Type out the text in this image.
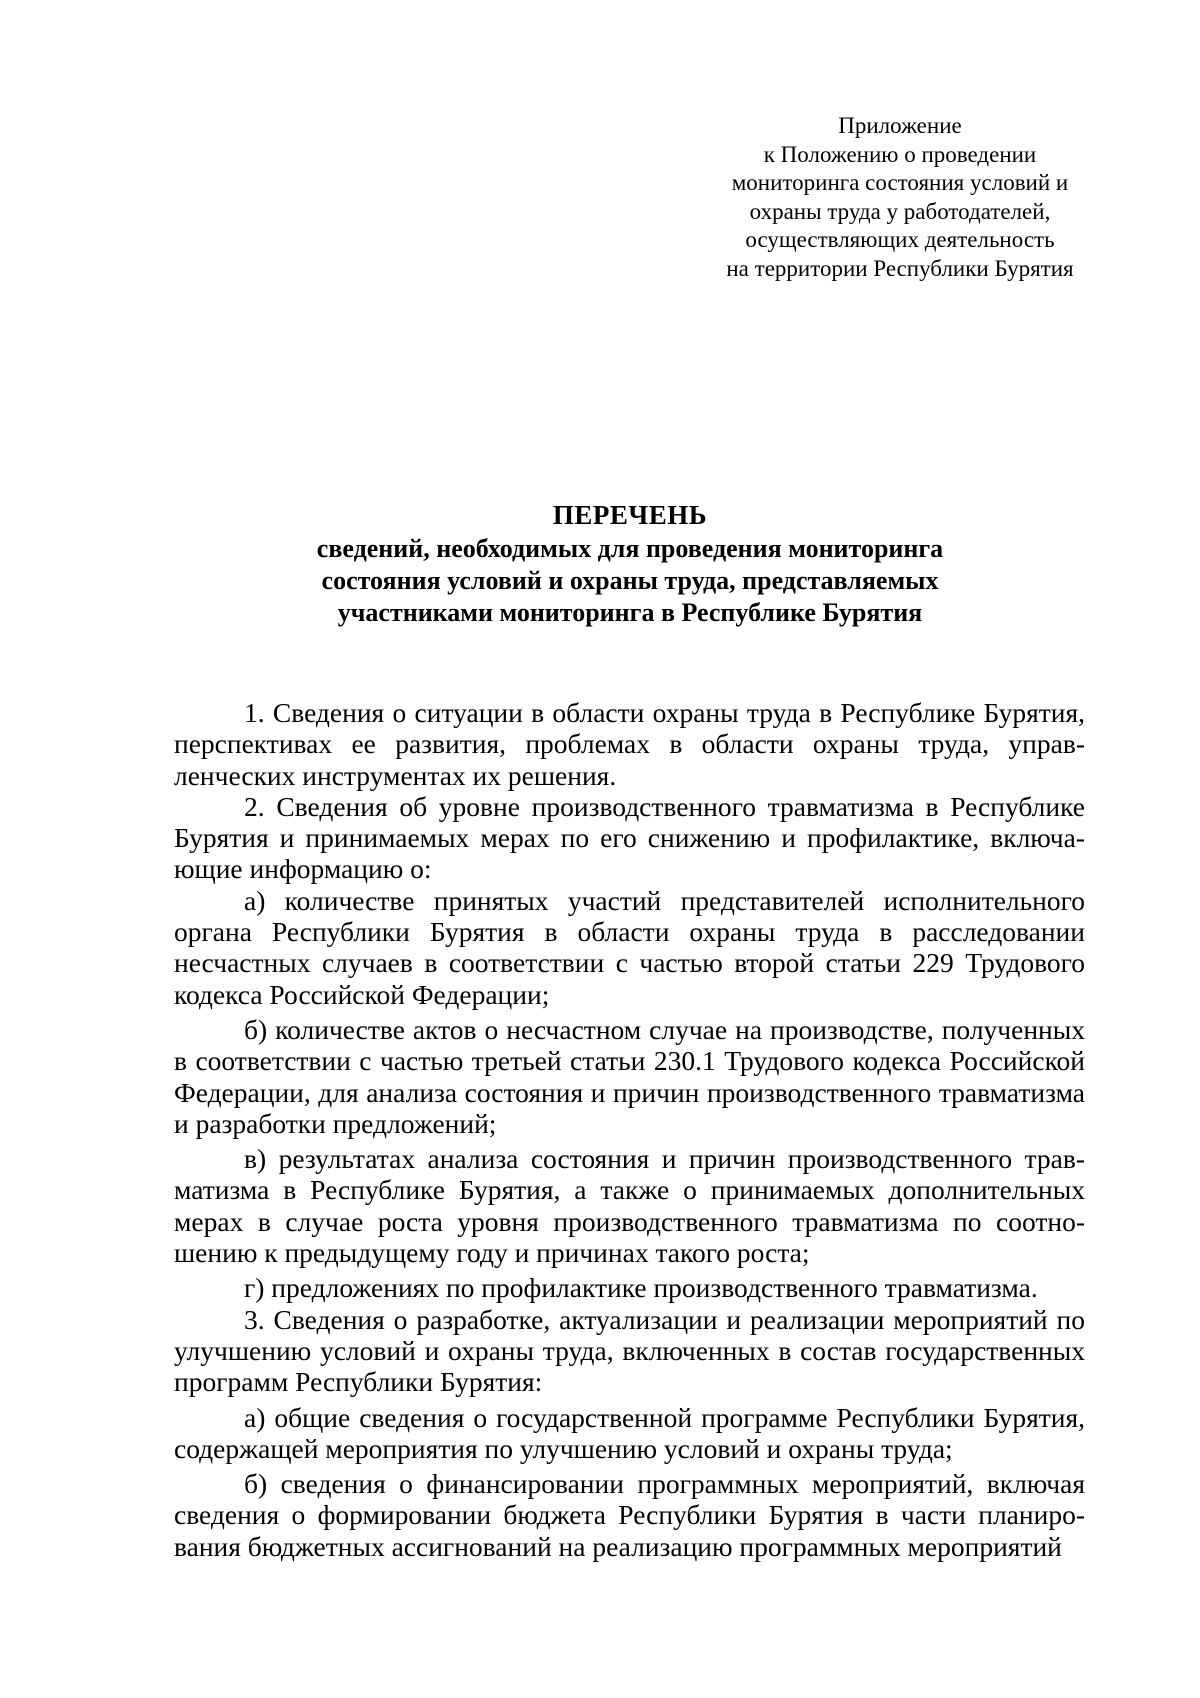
Приложение
к Положению о проведении
мониторинга состояния условий и
охраны труда у работодателей,
осуществляющих деятельность
на территории Республики Бурятия
ПЕРЕЧЕНЬ
сведений, необходимых для проведения мониторинга
состояния условий и охраны труда, представляемых
участниками мониторинга в Республике Бурятия

1. Сведения о ситуации в области охраны труда в Республике Бурятия, перспективах ее развития, проблемах в области охраны труда, управленческих инструментах их решения.

2. Сведения об уровне производственного травматизма в Республике Бурятия и принимаемых мерах по его снижению и профилактике, включающие информацию о:

а) количестве принятых участий представителей исполнительного органа Республики Бурятия в области охраны труда в расследовании несчастных случаев в соответствии с частью второй статьи 229 Трудового кодекса Российской Федерации;

б) количестве актов о несчастном случае на производстве, полученных в соответствии с частью третьей статьи 230.1 Трудового кодекса Российской Федерации, для анализа состояния и причин производственного травматизма и разработки предложений;

в) результатах анализа состояния и причин производственного травматизма в Республике Бурятия, а также о принимаемых дополнительных мерах в случае роста уровня производственного травматизма по соотношению к предыдущему году и причинах такого роста;

г) предложениях по профилактике производственного травматизма.

3. Сведения о разработке, актуализации и реализации мероприятий по улучшению условий и охраны труда, включенных в состав государственных программ Республики Бурятия:

а) общие сведения о государственной программе Республики Бурятия, содержащей мероприятия по улучшению условий и охраны труда;

б) сведения о финансировании программных мероприятий, включая сведения о формировании бюджета Республики Бурятия в части планирования бюджетных ассигнований на реализацию программных мероприятий
